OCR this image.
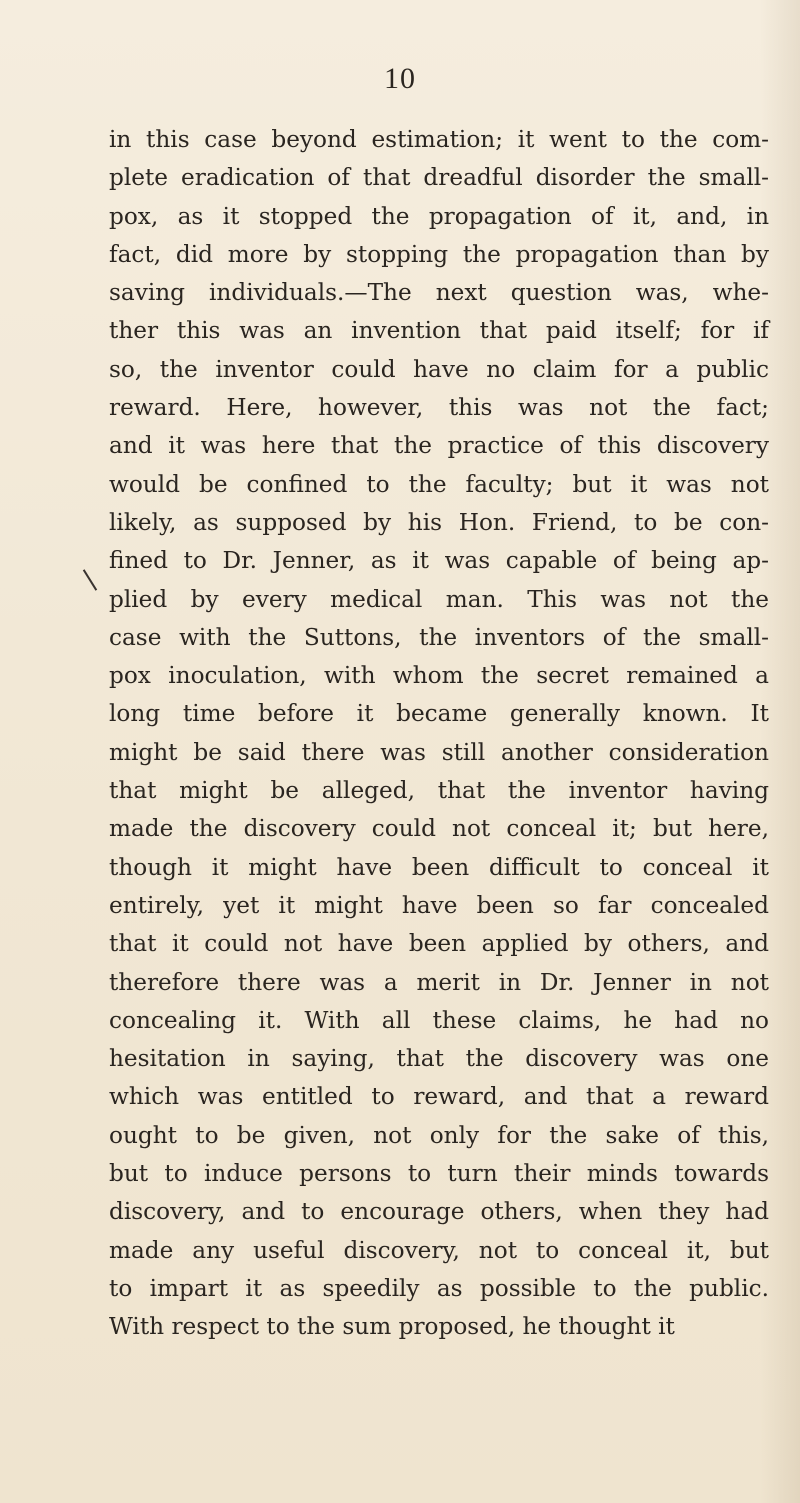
10
in this case beyond estimation; it went to the com-
plete eradication of that dreadful disorder the small-
pox, as it stopped the propagation of it, and, in
fact, did more by stopping the propagation than by
saving individuals.—The next question was, whe-
ther this was an invention that paid itself; for if
so, the inventor could have no claim for a public
reward. Here, however, this was not the fact;
and it was here that the practice of this discovery
would be confined to the faculty; but it was not
likely, as supposed by his Hon. Friend, to be con-
fined to Dr. Jenner, as it was capable of being ap-
plied by every medical man. This was not the
case with the Suttons, the inventors of the small-
pox inoculation, with whom the secret remained a
long time before it became generally known. It
might be said there was still another consideration
that might be alleged, that the inventor having
made the discovery could not conceal it; but here,
though it might have been difficult to conceal it
entirely, yet it might have been so far concealed
that it could not have been applied by others, and
therefore there was a merit in Dr. Jenner in not
concealing it. With all these claims, he had no
hesitation in saying, that the discovery was one
which was entitled to reward, and that a reward
ought to be given, not only for the sake of this,
but to induce persons to turn their minds towards
discovery, and to encourage others, when they had
made any useful discovery, not to conceal it, but
to impart it as speedily as possible to the public.
With respect to the sum proposed, he thought it
